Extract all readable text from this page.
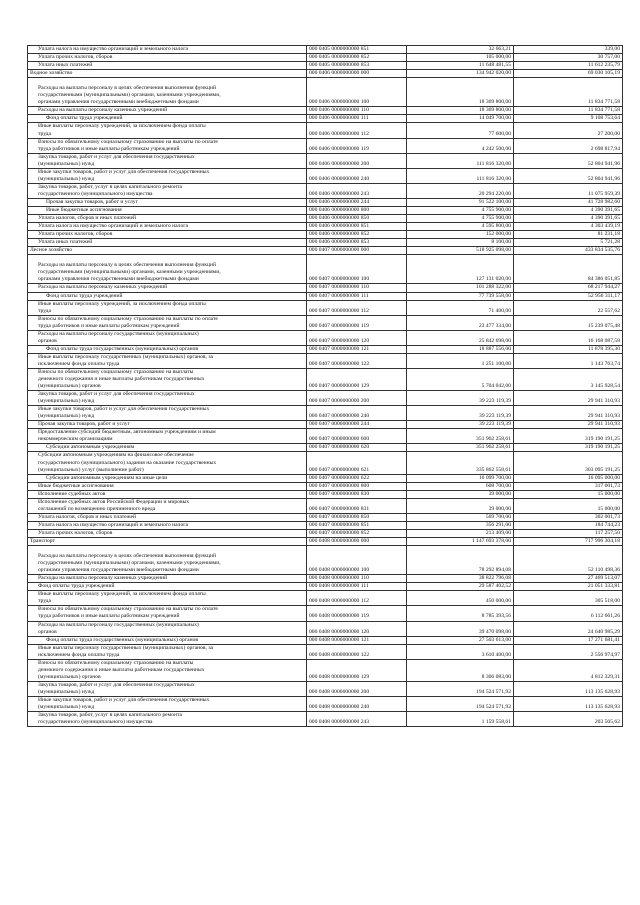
Уплата налога на имущество организаций и земельного налога	000 0405 0000000000 851	32 663,21	339,00
Уплата прочих налогов, сборов	000 0405 0000000000 852	105 000,00	30 757,00
Уплата иных платежей	000 0405 0000000000 853	11 648 481,55	11 612 235,79
Водное хозяйство	000 0406 0000000000 000	134 942 020,00	69 030 105,19
Расходы на выплаты персоналу в целях обеспечения выполнения функций
государственными (муниципальными) органами, казенными учреждениями,
органами управления государственными внебюджетными фондами	000 0406 0000000000 100	18 369 800,00	11 834 771,58
Расходы на выплаты персоналу казенных учреждений	000 0406 0000000000 110	18 369 800,00	11 834 771,58
Фонд оплаты труда учреждений	000 0406 0000000000 111	14 049 700,00	9 108 753,64
Иные выплаты персоналу учреждений, за исключением фонда оплаты
труда	000 0406 0000000000 112	77 600,00	27 200,00
Взносы по обязательному социальному страхованию на выплаты по оплате
труда работников и иные выплаты работникам учреждений	000 0406 0000000000 119	4 242 500,00	2 698 817,94
Закупка товаров, работ и услуг для обеспечения государственных
(муниципальных) нужд	000 0406 0000000000 200	111 816 320,00	52 804 941,96
Иные закупки товаров, работ и услуг для обеспечения государственных
(муниципальных) нужд	000 0406 0000000000 240	111 816 320,00	52 804 941,96
Закупка товаров, работ, услуг в целях капитального ремонта
государственного (муниципального) имущества	000 0406 0000000000 243	20 294 220,00	11 075 959,39
Прочая закупка товаров, работ и услуг	000 0406 0000000000 244	91 522 100,00	41 728 982,60
Иные бюджетные ассигнования	000 0406 0000000000 800	4 755 900,00	4 390 391,65
Уплата налогов, сборов и иных платежей	000 0406 0000000000 850	4 755 900,00	4 390 391,65
Уплата налога на имущество организаций и земельного налога	000 0406 0000000000 851	4 595 800,00	4 303 439,19
Уплата прочих налогов, сборов	000 0406 0000000000 852	152 000,00	81 231,18
Уплата иных платежей	000 0406 0000000000 853	8 100,00	5 721,28
Лесное хозяйство	000 0407 0000000000 000	518 925 098,00	433 834 535,76
Расходы на выплаты персоналу в целях обеспечения выполнения функций
государственными (муниципальными) органами, казенными учреждениями,
органами управления государственными внебюджетными фондами	000 0407 0000000000 100	127 131 020,00	84 386 051,85
Расходы на выплаты персоналу казенных учреждений	000 0407 0000000000 110	101 288 322,00	68 217 944,27
Фонд оплаты труда учреждений	000 0407 0000000000 111	77 739 558,00	52 956 311,17
Иные выплаты персоналу учреждений, за исключением фонда оплаты
труда	000 0407 0000000000 112	71 400,00	22 557,62
Взносы по обязательному социальному страхованию на выплаты по оплате
труда работников и иные выплаты работникам учреждений	000 0407 0000000000 119	23 477 334,00	15 239 075,48
Расходы на выплаты персоналу государственных (муниципальных)
органов	000 0407 0000000000 120	25 842 698,00	16 168 087,58
Фонд оплаты труда государственных (муниципальных) органов	000 0407 0000000000 121	18 887 556,00	11 878 395,30
Иные выплаты персоналу государственных (муниципальных) органов, за
исключением фонда оплаты труда	000 0407 0000000000 122	1 251 100,00	1 143 763,74
Взносы по обязательному социальному страхованию на выплаты
денежного содержания и иные выплаты работникам государственных
(муниципальных) органов	000 0407 0000000000 129	5 704 042,00	3 145 928,54
Закупка товаров, работ и услуг для обеспечения государственных
(муниципальных) нужд	000 0407 0000000000 200	39 223 119,39	29 941 310,93
Иные закупки товаров, работ и услуг для обеспечения государственных
(муниципальных) нужд	000 0407 0000000000 240	39 223 119,39	29 941 310,93
Прочая закупка товаров, работ и услуг	000 0407 0000000000 244	39 223 119,39	29 941 310,93
Предоставление субсидий бюджетным, автономным учреждениям и иным
некоммерческим организациям	000 0407 0000000000 600	351 962 258,61	319 190 191,25
Субсидии автономным учреждениям	000 0407 0000000000 620	351 962 258,61	319 190 191,25
Субсидии автономным учреждениям на финансовое обеспечение
государственного (муниципального) задания на оказание государственных
(муниципальных) услуг (выполнение работ)	000 0407 0000000000 621	335 862 558,61	303 095 191,25
Субсидии автономным учреждениям на иные цели	000 0407 0000000000 622	16 099 700,00	16 095 000,00
Иные бюджетные ассигнования	000 0407 0000000000 800	608 700,00	317 001,73
Исполнение судебных актов	000 0407 0000000000 830	39 000,00	15 000,00
Исполнение судебных актов Российской Федерации и мировых
соглашений по возмещению причиненного вреда	000 0407 0000000000 831	39 000,00	15 000,00
Уплата налогов, сборов и иных платежей	000 0407 0000000000 850	569 700,00	302 001,73
Уплата налога на имущество организаций и земельного налога	000 0407 0000000000 851	356 291,00	184 744,23
Уплата прочих налогов, сборов	000 0407 0000000000 852	213 409,00	117 257,50
Транспорт	000 0408 0000000000 000	1 147 693 378,00	717 996 304,18
Расходы на выплаты персоналу в целях обеспечения выполнения функций
государственными (муниципальными) органами, казенными учреждениями,
органами управления государственными внебюджетными фондами	000 0408 0000000000 100	78 292 894,08	52 110 498,36
Расходы на выплаты персоналу казенных учреждений	000 0408 0000000000 110	38 822 796,08	27 469 513,07
Фонд оплаты труда учреждений	000 0408 0000000000 111	29 587 402,52	21 051 333,81
Иные выплаты персоналу учреждений, за исключением фонда оплаты
труда	000 0408 0000000000 112	450 000,00	305 518,00
Взносы по обязательному социальному страхованию на выплаты по оплате
труда работников и иные выплаты работникам учреждений	000 0408 0000000000 119	8 785 393,56	6 112 661,26
Расходы на выплаты персоналу государственных (муниципальных)
органов	000 0408 0000000000 120	39 470 098,00	24 640 985,29
Фонд оплаты труда государственных (муниципальных) органов	000 0408 0000000000 121	27 503 613,00	17 271 681,41
Иные выплаты персоналу государственных (муниципальных) органов, за
исключением фонда оплаты труда	000 0408 0000000000 122	3 610 400,00	2 556 974,97
Взносы по обязательному социальному страхованию на выплаты
денежного содержания и иные выплаты работникам государственных
(муниципальных) органов	000 0408 0000000000 129	8 306 083,00	4 812 329,31
Закупка товаров, работ и услуг для обеспечения государственных
(муниципальных) нужд	000 0408 0000000000 200	194 524 571,92	113 135 628,93
Иные закупки товаров, работ и услуг для обеспечения государственных
(муниципальных) нужд	000 0408 0000000000 240	194 524 571,92	113 135 628,93
Закупка товаров, работ, услуг в целях капитального ремонта
государственного (муниципального) имущества	000 0408 0000000000 243	1 159 558,61	203 505,62
